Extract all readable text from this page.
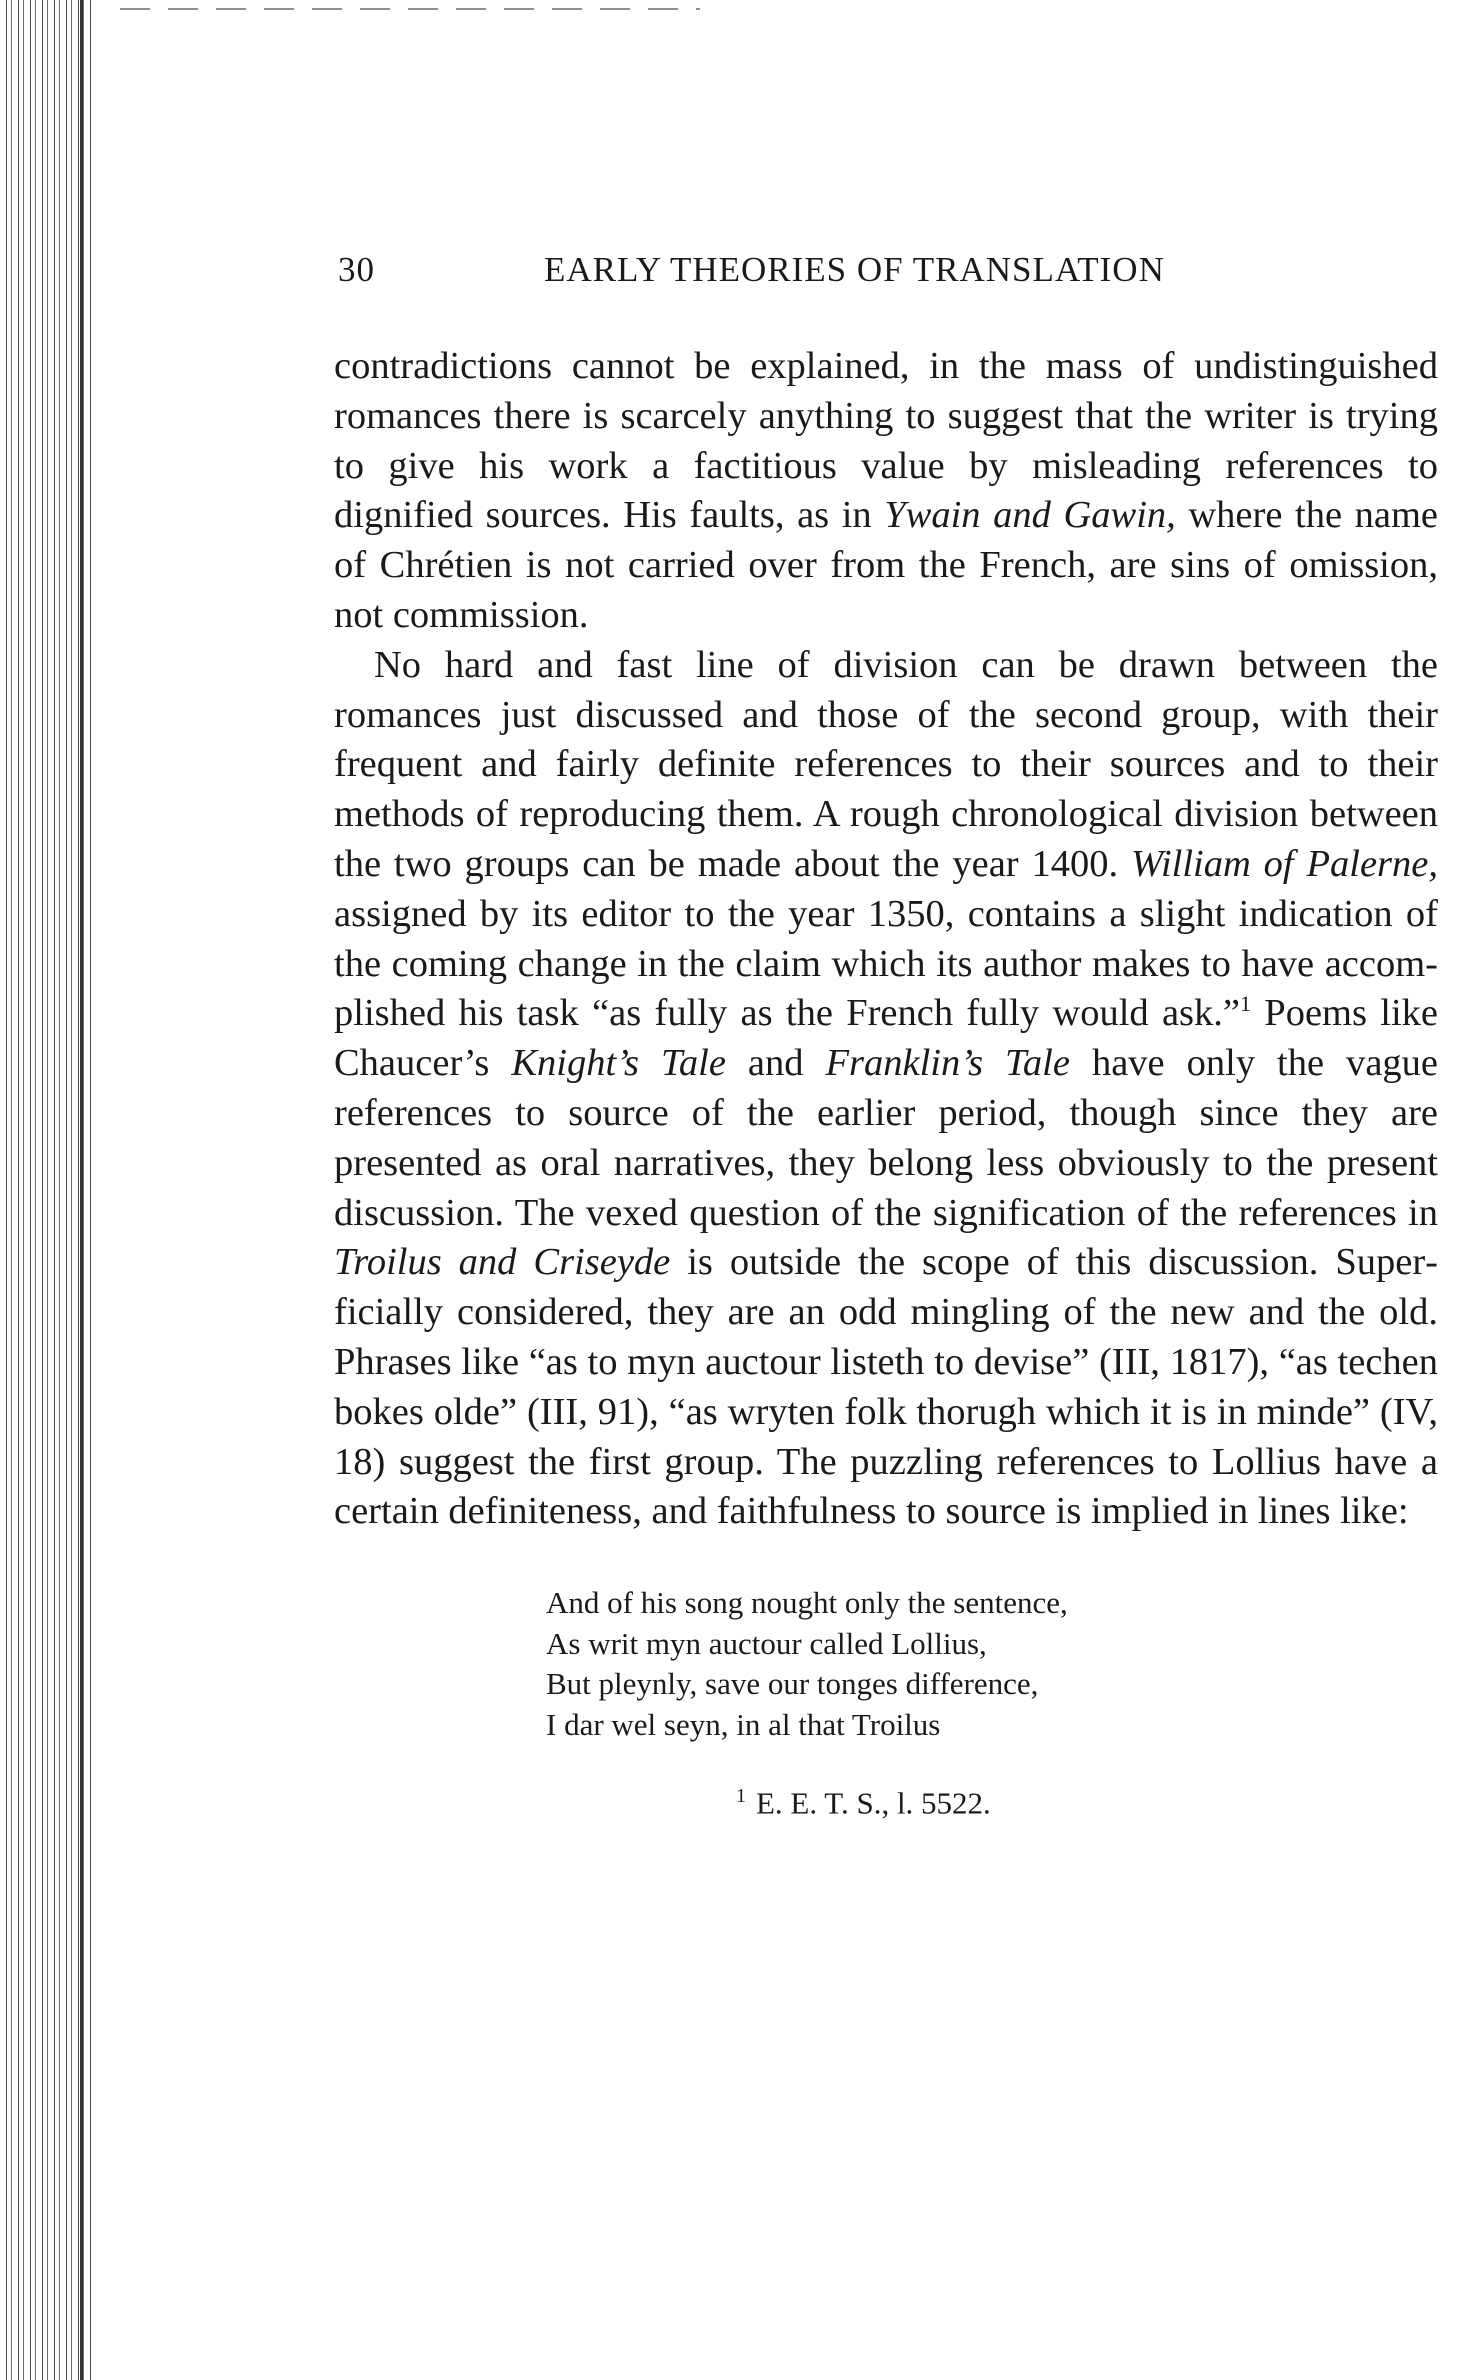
30	EARLY THEORIES OF TRANSLATION

contradictions cannot be explained, in the mass of undistinguished romances there is scarcely anything to suggest that the writer is trying to give his work a factitious value by misleading references to dignified sources. His faults, as in Ywain and Gawin, where the name of Chrétien is not carried over from the French, are sins of omission, not commission.

No hard and fast line of division can be drawn between the romances just discussed and those of the second group, with their frequent and fairly definite references to their sources and to their methods of reproducing them. A rough chronological division between the two groups can be made about the year 1400. William of Palerne, assigned by its editor to the year 1350, contains a slight indication of the coming change in the claim which its author makes to have accomplished his task “as fully as the French fully would ask.”$^1$ Poems like Chaucer’s Knight’s Tale and Franklin’s Tale have only the vague references to source of the earlier period, though since they are presented as oral narratives, they belong less obviously to the present discussion. The vexed question of the signification of the references in Troilus and Criseyde is outside the scope of this discussion. Superficially considered, they are an odd mingling of the new and the old. Phrases like “as to myn auctour listeth to devise” (III, 1817), “as techen bokes olde” (III, 91), “as wryten folk thorugh which it is in minde” (IV, 18) suggest the first group. The puzzling references to Lollius have a certain definiteness, and faithfulness to source is implied in lines like:

And of his song nought only the sentence,
As writ myn auctour called Lollius,
But pleynly, save our tonges difference,
I dar wel seyn, in al that Troilus
$^1$ E. E. T. S., l. 5522.
